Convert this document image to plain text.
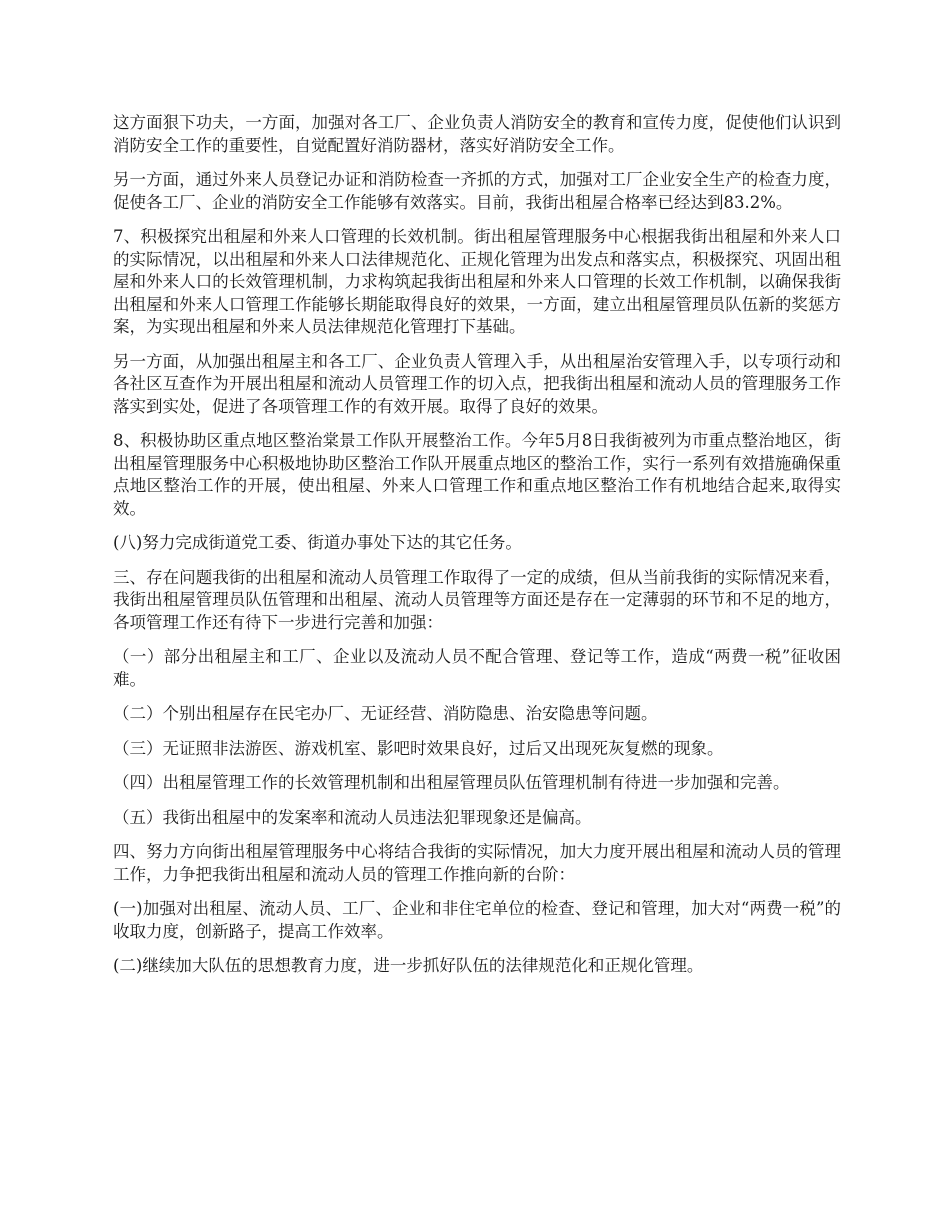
这方面狠下功夫，一方面，加强对各工厂、企业负责人消防安全的教育和宣传力度，促使他们认识到消防安全工作的重要性，自觉配置好消防器材，落实好消防安全工作。

另一方面，通过外来人员登记办证和消防检查一齐抓的方式，加强对工厂企业安全生产的检查力度，促使各工厂、企业的消防安全工作能够有效落实。目前，我街出租屋合格率已经达到83.2%。

7、积极探究出租屋和外来人口管理的长效机制。街出租屋管理服务中心根据我街出租屋和外来人口的实际情况，以出租屋和外来人口法律规范化、正规化管理为出发点和落实点，积极探究、巩固出租屋和外来人口的长效管理机制，力求构筑起我街出租屋和外来人口管理的长效工作机制，以确保我街出租屋和外来人口管理工作能够长期能取得良好的效果，一方面，建立出租屋管理员队伍新的奖惩方案，为实现出租屋和外来人员法律规范化管理打下基础。

另一方面，从加强出租屋主和各工厂、企业负责人管理入手，从出租屋治安管理入手，以专项行动和各社区互查作为开展出租屋和流动人员管理工作的切入点，把我街出租屋和流动人员的管理服务工作落实到实处，促进了各项管理工作的有效开展。取得了良好的效果。

8、积极协助区重点地区整治棠景工作队开展整治工作。今年5月8日我街被列为市重点整治地区，街出租屋管理服务中心积极地协助区整治工作队开展重点地区的整治工作，实行一系列有效措施确保重点地区整治工作的开展，使出租屋、外来人口管理工作和重点地区整治工作有机地结合起来,取得实效。

(八)努力完成街道党工委、街道办事处下达的其它任务。

三、存在问题我街的出租屋和流动人员管理工作取得了一定的成绩，但从当前我街的实际情况来看，我街出租屋管理员队伍管理和出租屋、流动人员管理等方面还是存在一定薄弱的环节和不足的地方，各项管理工作还有待下一步进行完善和加强：

（一）部分出租屋主和工厂、企业以及流动人员不配合管理、登记等工作，造成“两费一税”征收困难。

（二）个别出租屋存在民宅办厂、无证经营、消防隐患、治安隐患等问题。

（三）无证照非法游医、游戏机室、影吧时效果良好，过后又出现死灰复燃的现象。

（四）出租屋管理工作的长效管理机制和出租屋管理员队伍管理机制有待进一步加强和完善。

（五）我街出租屋中的发案率和流动人员违法犯罪现象还是偏高。

四、努力方向街出租屋管理服务中心将结合我街的实际情况，加大力度开展出租屋和流动人员的管理工作，力争把我街出租屋和流动人员的管理工作推向新的台阶：

(一)加强对出租屋、流动人员、工厂、企业和非住宅单位的检查、登记和管理，加大对“两费一税”的收取力度，创新路子，提高工作效率。

(二)继续加大队伍的思想教育力度，进一步抓好队伍的法律规范化和正规化管理。
